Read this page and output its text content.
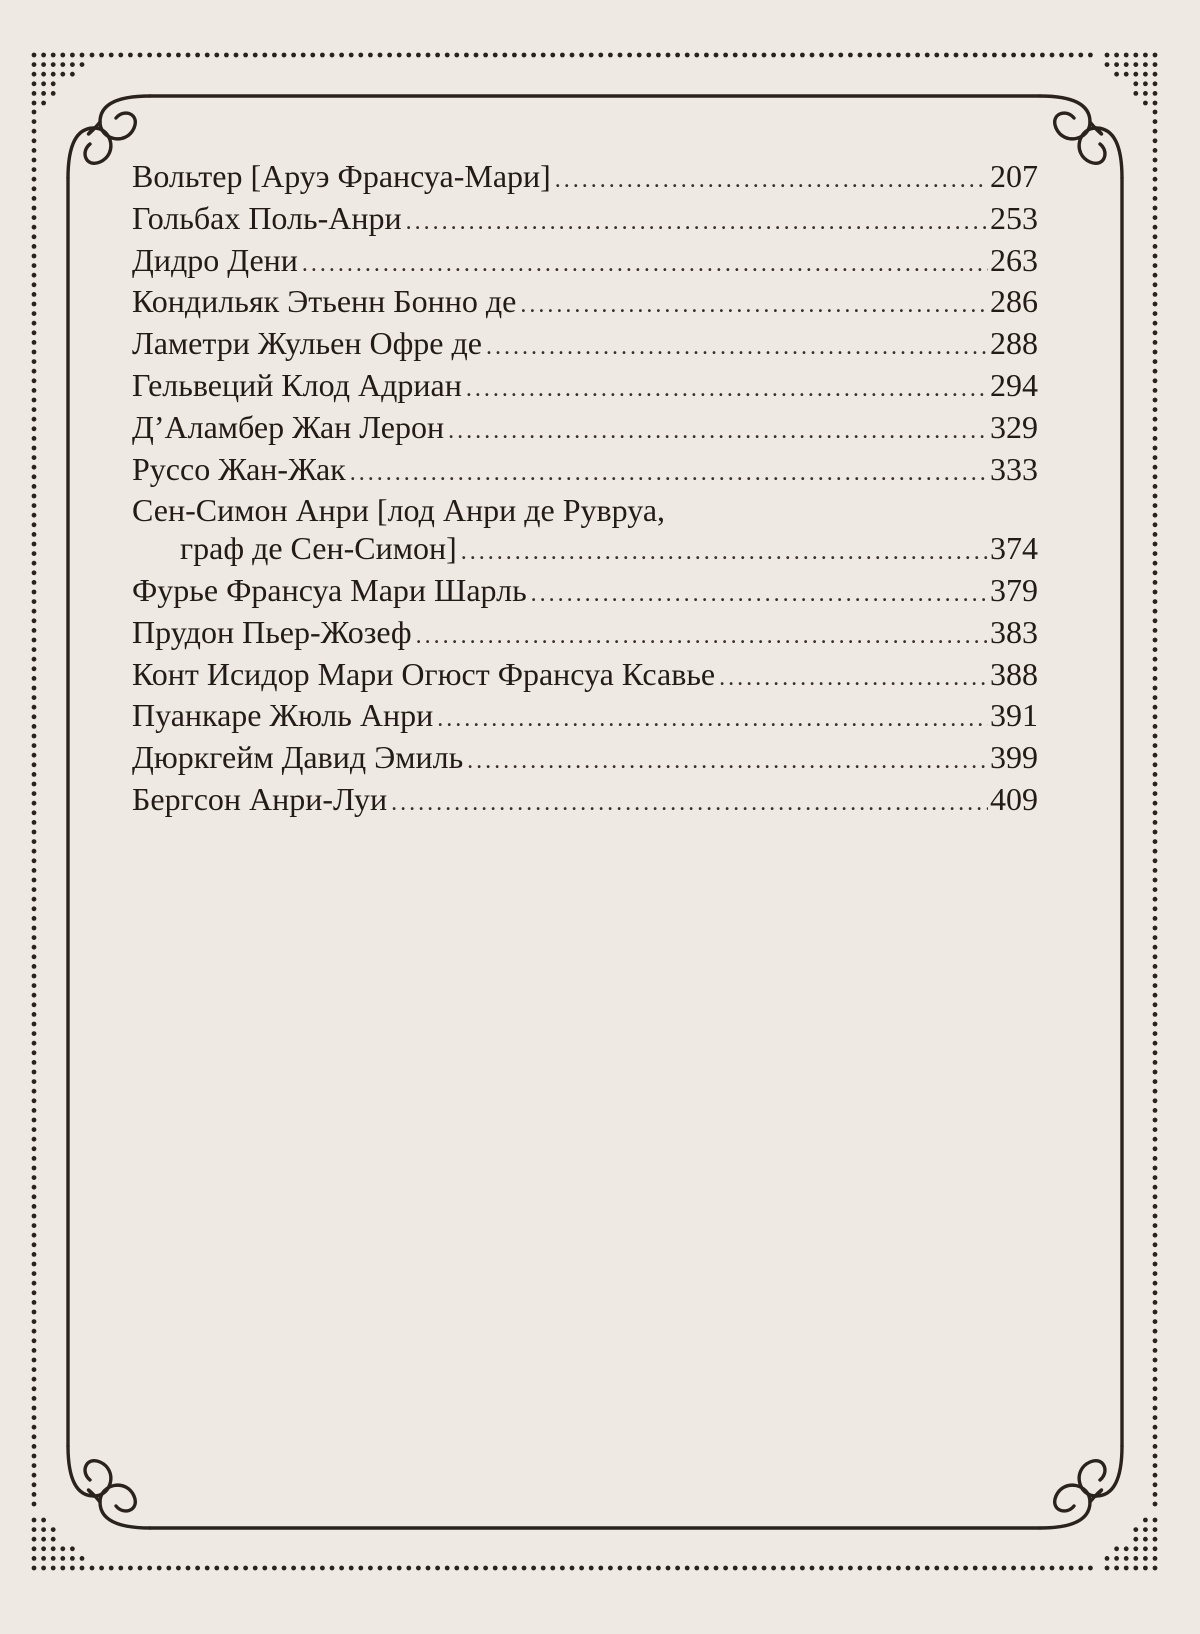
Вольтер [Аруэ Франсуа-Мари] .....	207
Гольбах Поль-Анри .....	253
Дидро Дени .....	263
Кондильяк Этьенн Бонно де .....	286
Ламетри Жульен Офре де .....	288
Гельвеций Клод Адриан .....	294
Д’Аламбер Жан Лерон .....	329
Руссо Жан-Жак .....	333
Сен-Симон Анри [лод Анри де Рувруа,
граф де Сен-Симон] .....	374
Фурье Франсуа Мари Шарль .....	379
Прудон Пьер-Жозеф .....	383
Конт Исидор Мари Огюст Франсуа Ксавье .....	388
Пуанкаре Жюль Анри .....	391
Дюркгейм Давид Эмиль .....	399
Бергсон Анри-Луи .....	409
